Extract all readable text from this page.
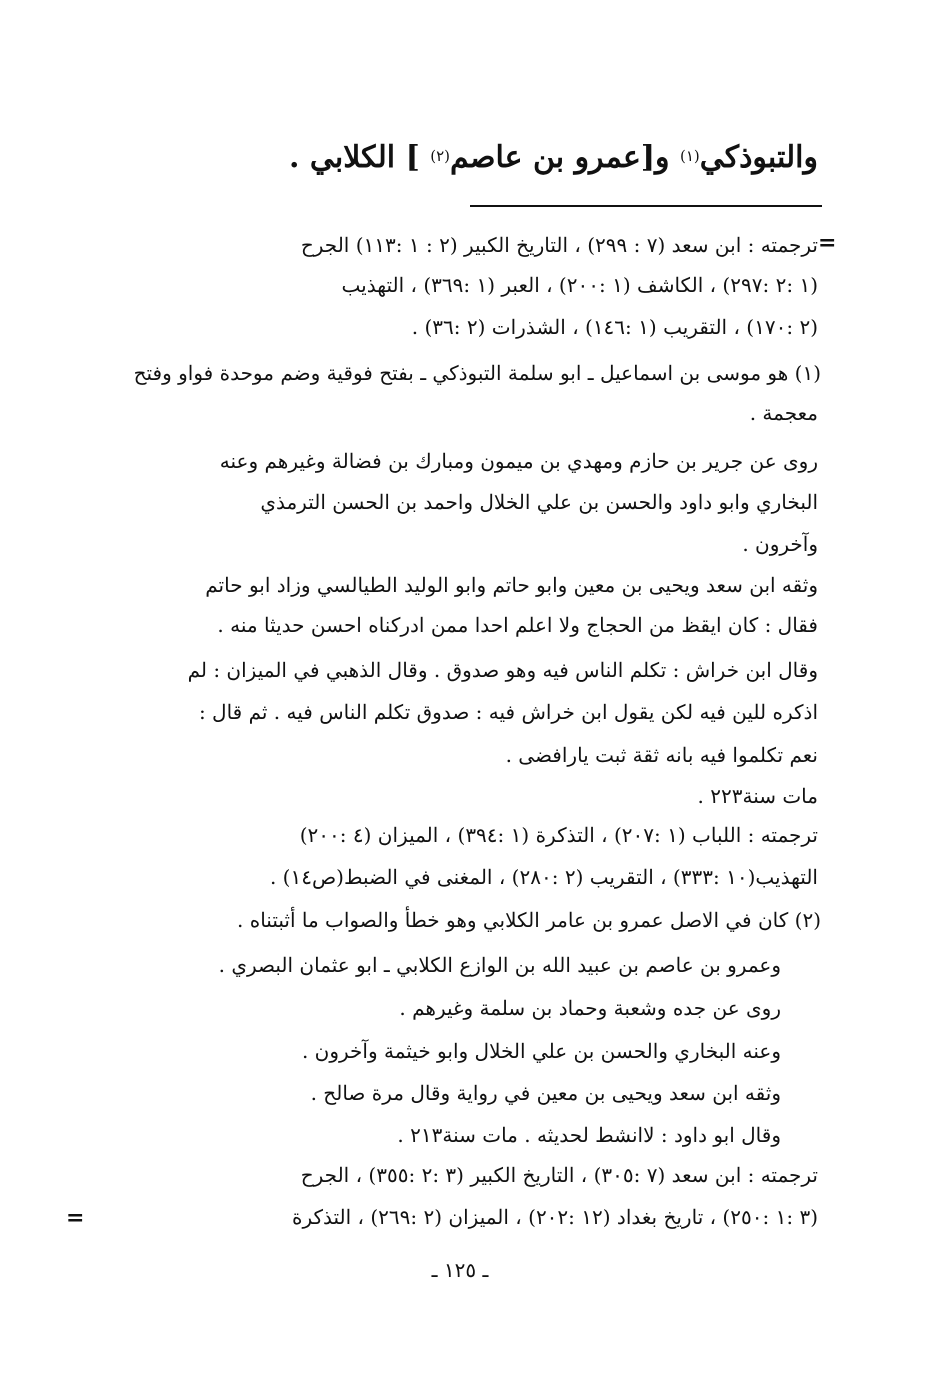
والتبوذكي$^{(١)}$ و[عمرو بن عاصم$^{(٢)}$ ] الكلابي .
=
ترجمته : ابن سعد (٧ : ٢٩٩) ، التاريخ الكبير (٢ : ١ :١١٣) الجرح
(١ :٢ :٢٩٧) ، الكاشف (١ :٢٠٠) ، العبر (١ :٣٦٩) ، التهذيب
(٢ :١٧٠) ، التقريب (١ :١٤٦) ، الشذرات (٢ :٣٦) .
(١) هو موسى بن اسماعيل ـ ابو سلمة التبوذكي ـ بفتح فوقية وضم موحدة فواو وفتح
معجمة .
روى عن جرير بن حازم ومهدي بن ميمون ومبارك بن فضالة وغيرهم وعنه
البخاري وابو داود والحسن بن علي الخلال واحمد بن الحسن الترمذي
وآخرون .
وثقه ابن سعد ويحيى بن معين وابو حاتم وابو الوليد الطيالسي وزاد ابو حاتم
فقال : كان ايقظ من الحجاج ولا اعلم احدا ممن ادركناه احسن حديثا منه .
وقال ابن خراش : تكلم الناس فيه وهو صدوق . وقال الذهبي في الميزان : لم
اذكره للين فيه لكن يقول ابن خراش فيه : صدوق تكلم الناس فيه . ثم قال :
نعم تكلموا فيه بانه ثقة ثبت يارافضى .
مات سنة٢٢٣ .
ترجمته : اللباب (١ :٢٠٧) ، التذكرة (١ :٣٩٤) ، الميزان (٤ :٢٠٠)
التهذيب(١٠ :٣٣٣) ، التقريب (٢ :٢٨٠) ، المغنى في الضبط(ص١٤) .
(٢) كان في الاصل عمرو بن عامر الكلابي وهو خطأ والصواب ما أثبتناه .
وعمرو بن عاصم بن عبيد الله بن الوازع الكلابي ـ ابو عثمان البصري .
روى عن جده وشعبة وحماد بن سلمة وغيرهم .
وعنه البخاري والحسن بن علي الخلال وابو خيثمة وآخرون .
وثقه ابن سعد ويحيى بن معين في رواية وقال مرة صالح .
وقال ابو داود : لاانشط لحديثه . مات سنة٢١٣ .
ترجمته : ابن سعد (٧ :٣٠٥) ، التاريخ الكبير (٣ :٢ :٣٥٥) ، الجرح
(٣ :١ :٢٥٠) ، تاريخ بغداد (١٢ :٢٠٢) ، الميزان (٢ :٢٦٩) ، التذكرة
=
ـ ١٢٥ ـ
